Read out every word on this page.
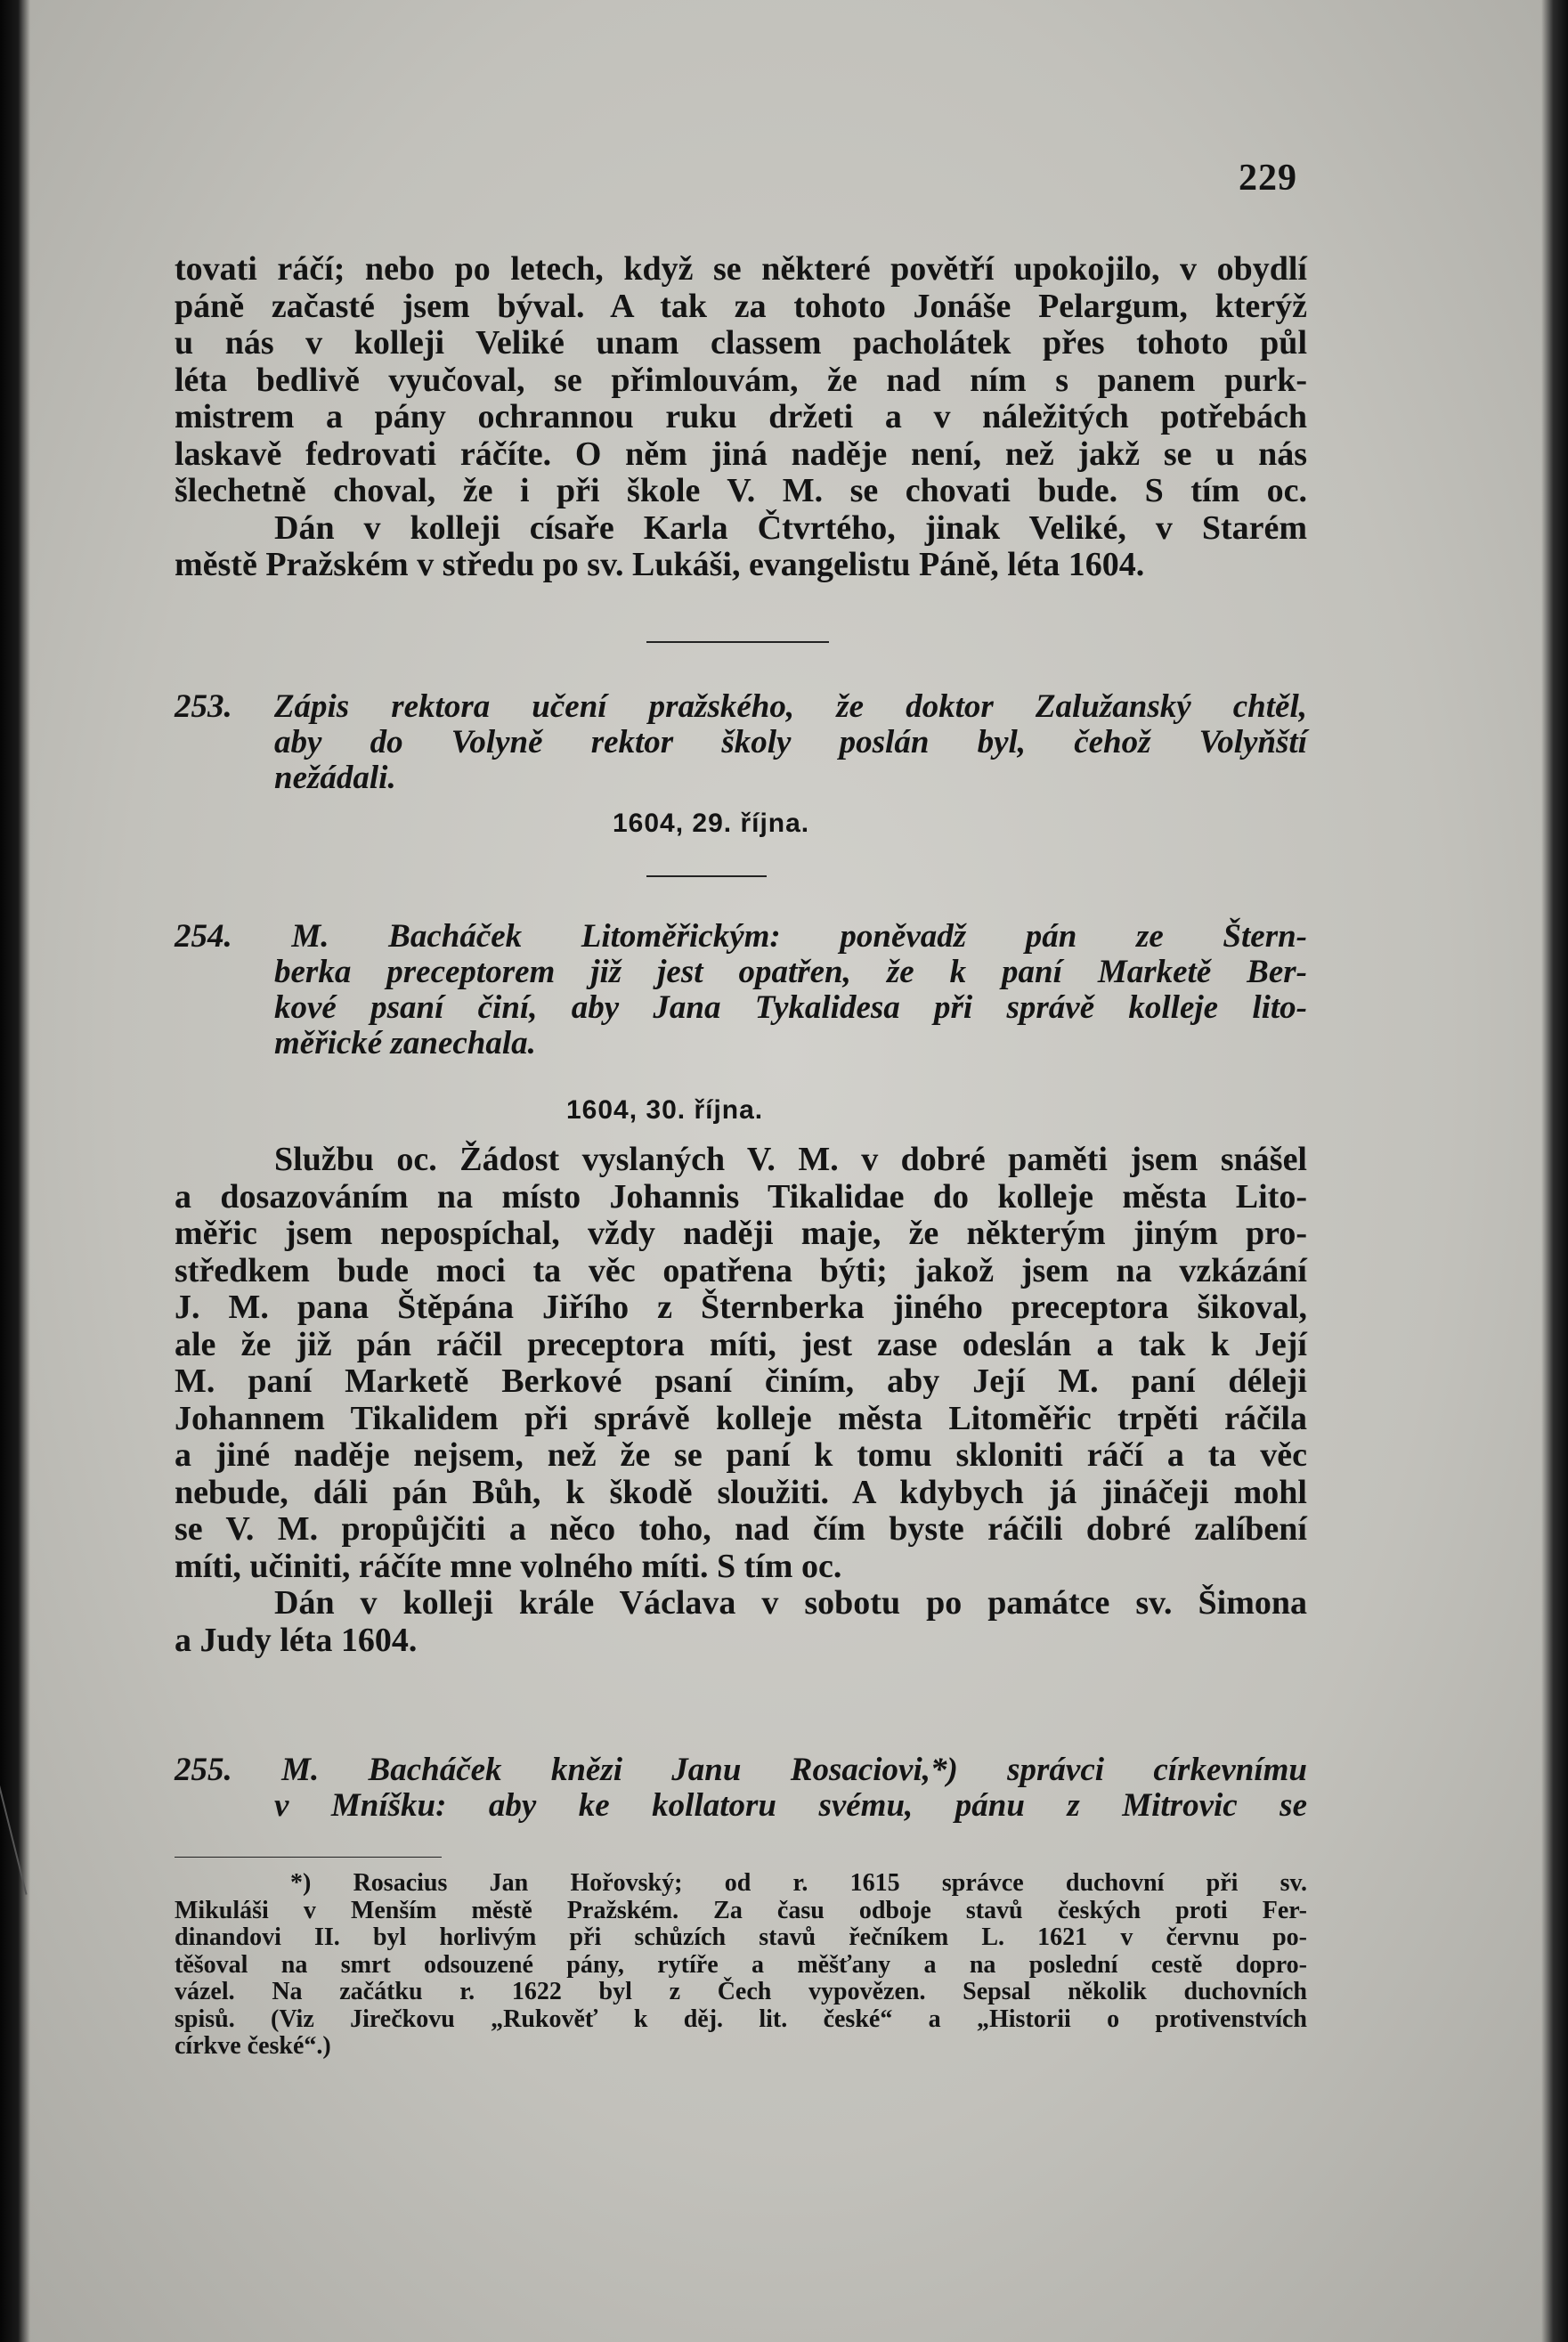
229
tovati ráčí; nebo po letech, když se některé povětří upokojilo, v obydlí
páně začasté jsem býval. A tak za tohoto Jonáše Pelargum, kterýž
u nás v kolleji Veliké unam classem pacholátek přes tohoto půl
léta bedlivě vyučoval, se přimlouvám, že nad ním s panem purk-
mistrem a pány ochrannou ruku držeti a v náležitých potřebách
laskavě fedrovati ráčíte. O něm jiná naděje není, než jakž se u nás
šlechetně choval, že i při škole V. M. se chovati bude. S tím oc.
Dán v kolleji císaře Karla Čtvrtého, jinak Veliké, v Starém
městě Pražském v středu po sv. Lukáši, evangelistu Páně, léta 1604.
253. Zápis rektora učení pražského, že doktor Zalužanský chtěl,
aby do Volyně rektor školy poslán byl, čehož Volyňští
nežádali.
1604, 29. října.
254. M. Bacháček Litoměřickým: poněvadž pán ze Štern-
berka preceptorem již jest opatřen, že k paní Marketě Ber-
kové psaní činí, aby Jana Tykalidesa při správě kolleje lito-
měřické zanechala.
1604, 30. října.
Službu oc. Žádost vyslaných V. M. v dobré paměti jsem snášel
a dosazováním na místo Johannis Tikalidae do kolleje města Lito-
měřic jsem nepospíchal, vždy naději maje, že některým jiným pro-
středkem bude moci ta věc opatřena býti; jakož jsem na vzkázání
J. M. pana Štěpána Jiřího z Šternberka jiného preceptora šikoval,
ale že již pán ráčil preceptora míti, jest zase odeslán a tak k Její
M. paní Marketě Berkové psaní činím, aby Její M. paní déleji
Johannem Tikalidem při správě kolleje města Litoměřic trpěti ráčila
a jiné naděje nejsem, než že se paní k tomu skloniti ráčí a ta věc
nebude, dáli pán Bůh, k škodě sloužiti. A kdybych já jináčeji mohl
se V. M. propůjčiti a něco toho, nad čím byste ráčili dobré zalíbení
míti, učiniti, ráčíte mne volného míti. S tím oc.
Dán v kolleji krále Václava v sobotu po památce sv. Šimona
a Judy léta 1604.
255. M. Bacháček knězi Janu Rosaciovi,*) správci církevnímu
v Mníšku: aby ke kollatoru svému, pánu z Mitrovic se
*) Rosacius Jan Hořovský; od r. 1615 správce duchovní při sv.
Mikuláši v Menším městě Pražském. Za času odboje stavů českých proti Fer-
dinandovi II. byl horlivým při schůzích stavů řečníkem L. 1621 v červnu po-
těšoval na smrt odsouzené pány, rytíře a měšťany a na poslední cestě dopro-
vázel. Na začátku r. 1622 byl z Čech vypovězen. Sepsal několik duchovních
spisů. (Viz Jirečkovu „Rukověť k děj. lit. české“ a „Historii o protivenstvích
církve české“.)
